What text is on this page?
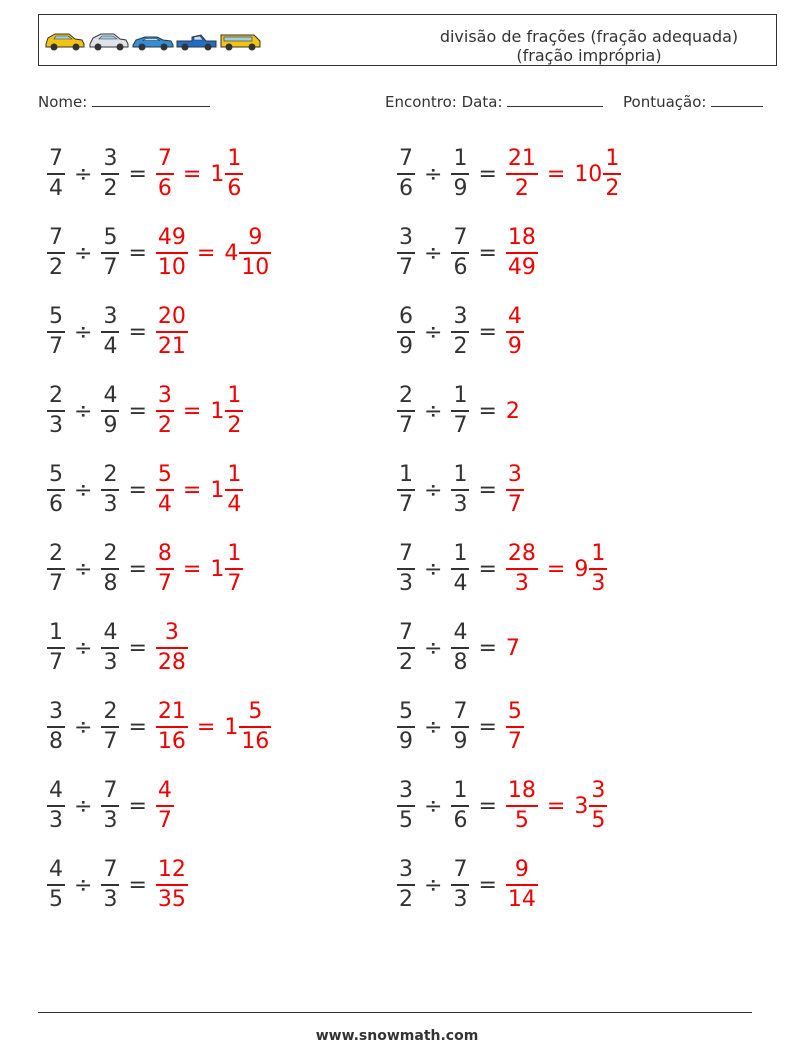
divisão de frações (fração adequada)
(fração imprópria)
Nome:	Encontro: Data:	Pontuação:
$\frac{7}{4} \div \frac{3}{2} = \frac{7}{6} = 1 \frac{1}{6}$	$\frac{7}{6} \div \frac{1}{9} = \frac{21}{2} = 10 \frac{1}{2}$
$\frac{7}{2} \div \frac{5}{7} = \frac{49}{10} = 4 \frac{9}{10}$	$\frac{3}{7} \div \frac{7}{6} = \frac{18}{49}$
$\frac{5}{7} \div \frac{3}{4} = \frac{20}{21}$	$\frac{6}{9} \div \frac{3}{2} = \frac{4}{9}$
$\frac{2}{3} \div \frac{4}{9} = \frac{3}{2} = 1 \frac{1}{2}$	$\frac{2}{7} \div \frac{1}{7} = 2$
$\frac{5}{6} \div \frac{2}{3} = \frac{5}{4} = 1 \frac{1}{4}$	$\frac{1}{7} \div \frac{1}{3} = \frac{3}{7}$
$\frac{2}{7} \div \frac{2}{8} = \frac{8}{7} = 1 \frac{1}{7}$	$\frac{7}{3} \div \frac{1}{4} = \frac{28}{3} = 9 \frac{1}{3}$
$\frac{1}{7} \div \frac{4}{3} = \frac{3}{28}$	$\frac{7}{2} \div \frac{4}{8} = 7$
$\frac{3}{8} \div \frac{2}{7} = \frac{21}{16} = 1 \frac{5}{16}$	$\frac{5}{9} \div \frac{7}{9} = \frac{5}{7}$
$\frac{4}{3} \div \frac{7}{3} = \frac{4}{7}$	$\frac{3}{5} \div \frac{1}{6} = \frac{18}{5} = 3 \frac{3}{5}$
$\frac{4}{5} \div \frac{7}{3} = \frac{12}{35}$	$\frac{3}{2} \div \frac{7}{3} = \frac{9}{14}$
www.snowmath.com
